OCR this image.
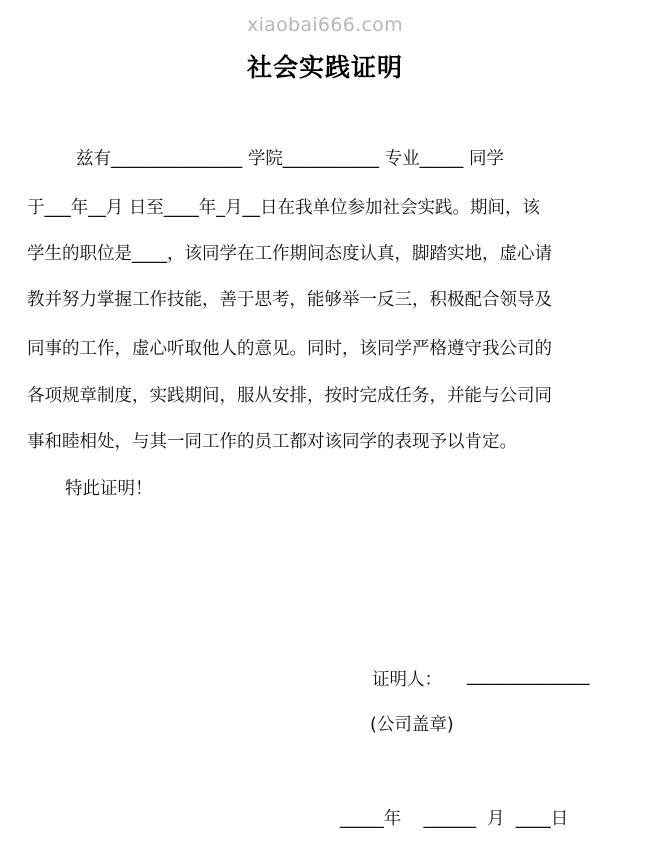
xiaobai666.com
社会实践证明
兹有_______________ 学院___________ 专业_____ 同学
于___年__月 日至____年_月__日在我单位参加社会实践。期间，该
学生的职位是____，该同学在工作期间态度认真，脚踏实地，虚心请
教并努力掌握工作技能，善于思考，能够举一反三，积极配合领导及
同事的工作，虚心听取他人的意见。同时，该同学严格遵守我公司的
各项规章制度，实践期间，服从安排，按时完成任务，并能与公司同
事和睦相处，与其一同工作的员工都对该同学的表现予以肯定。
特此证明！
证明人： ______________
(公司盖章)
_____年    ______  月  ____日
